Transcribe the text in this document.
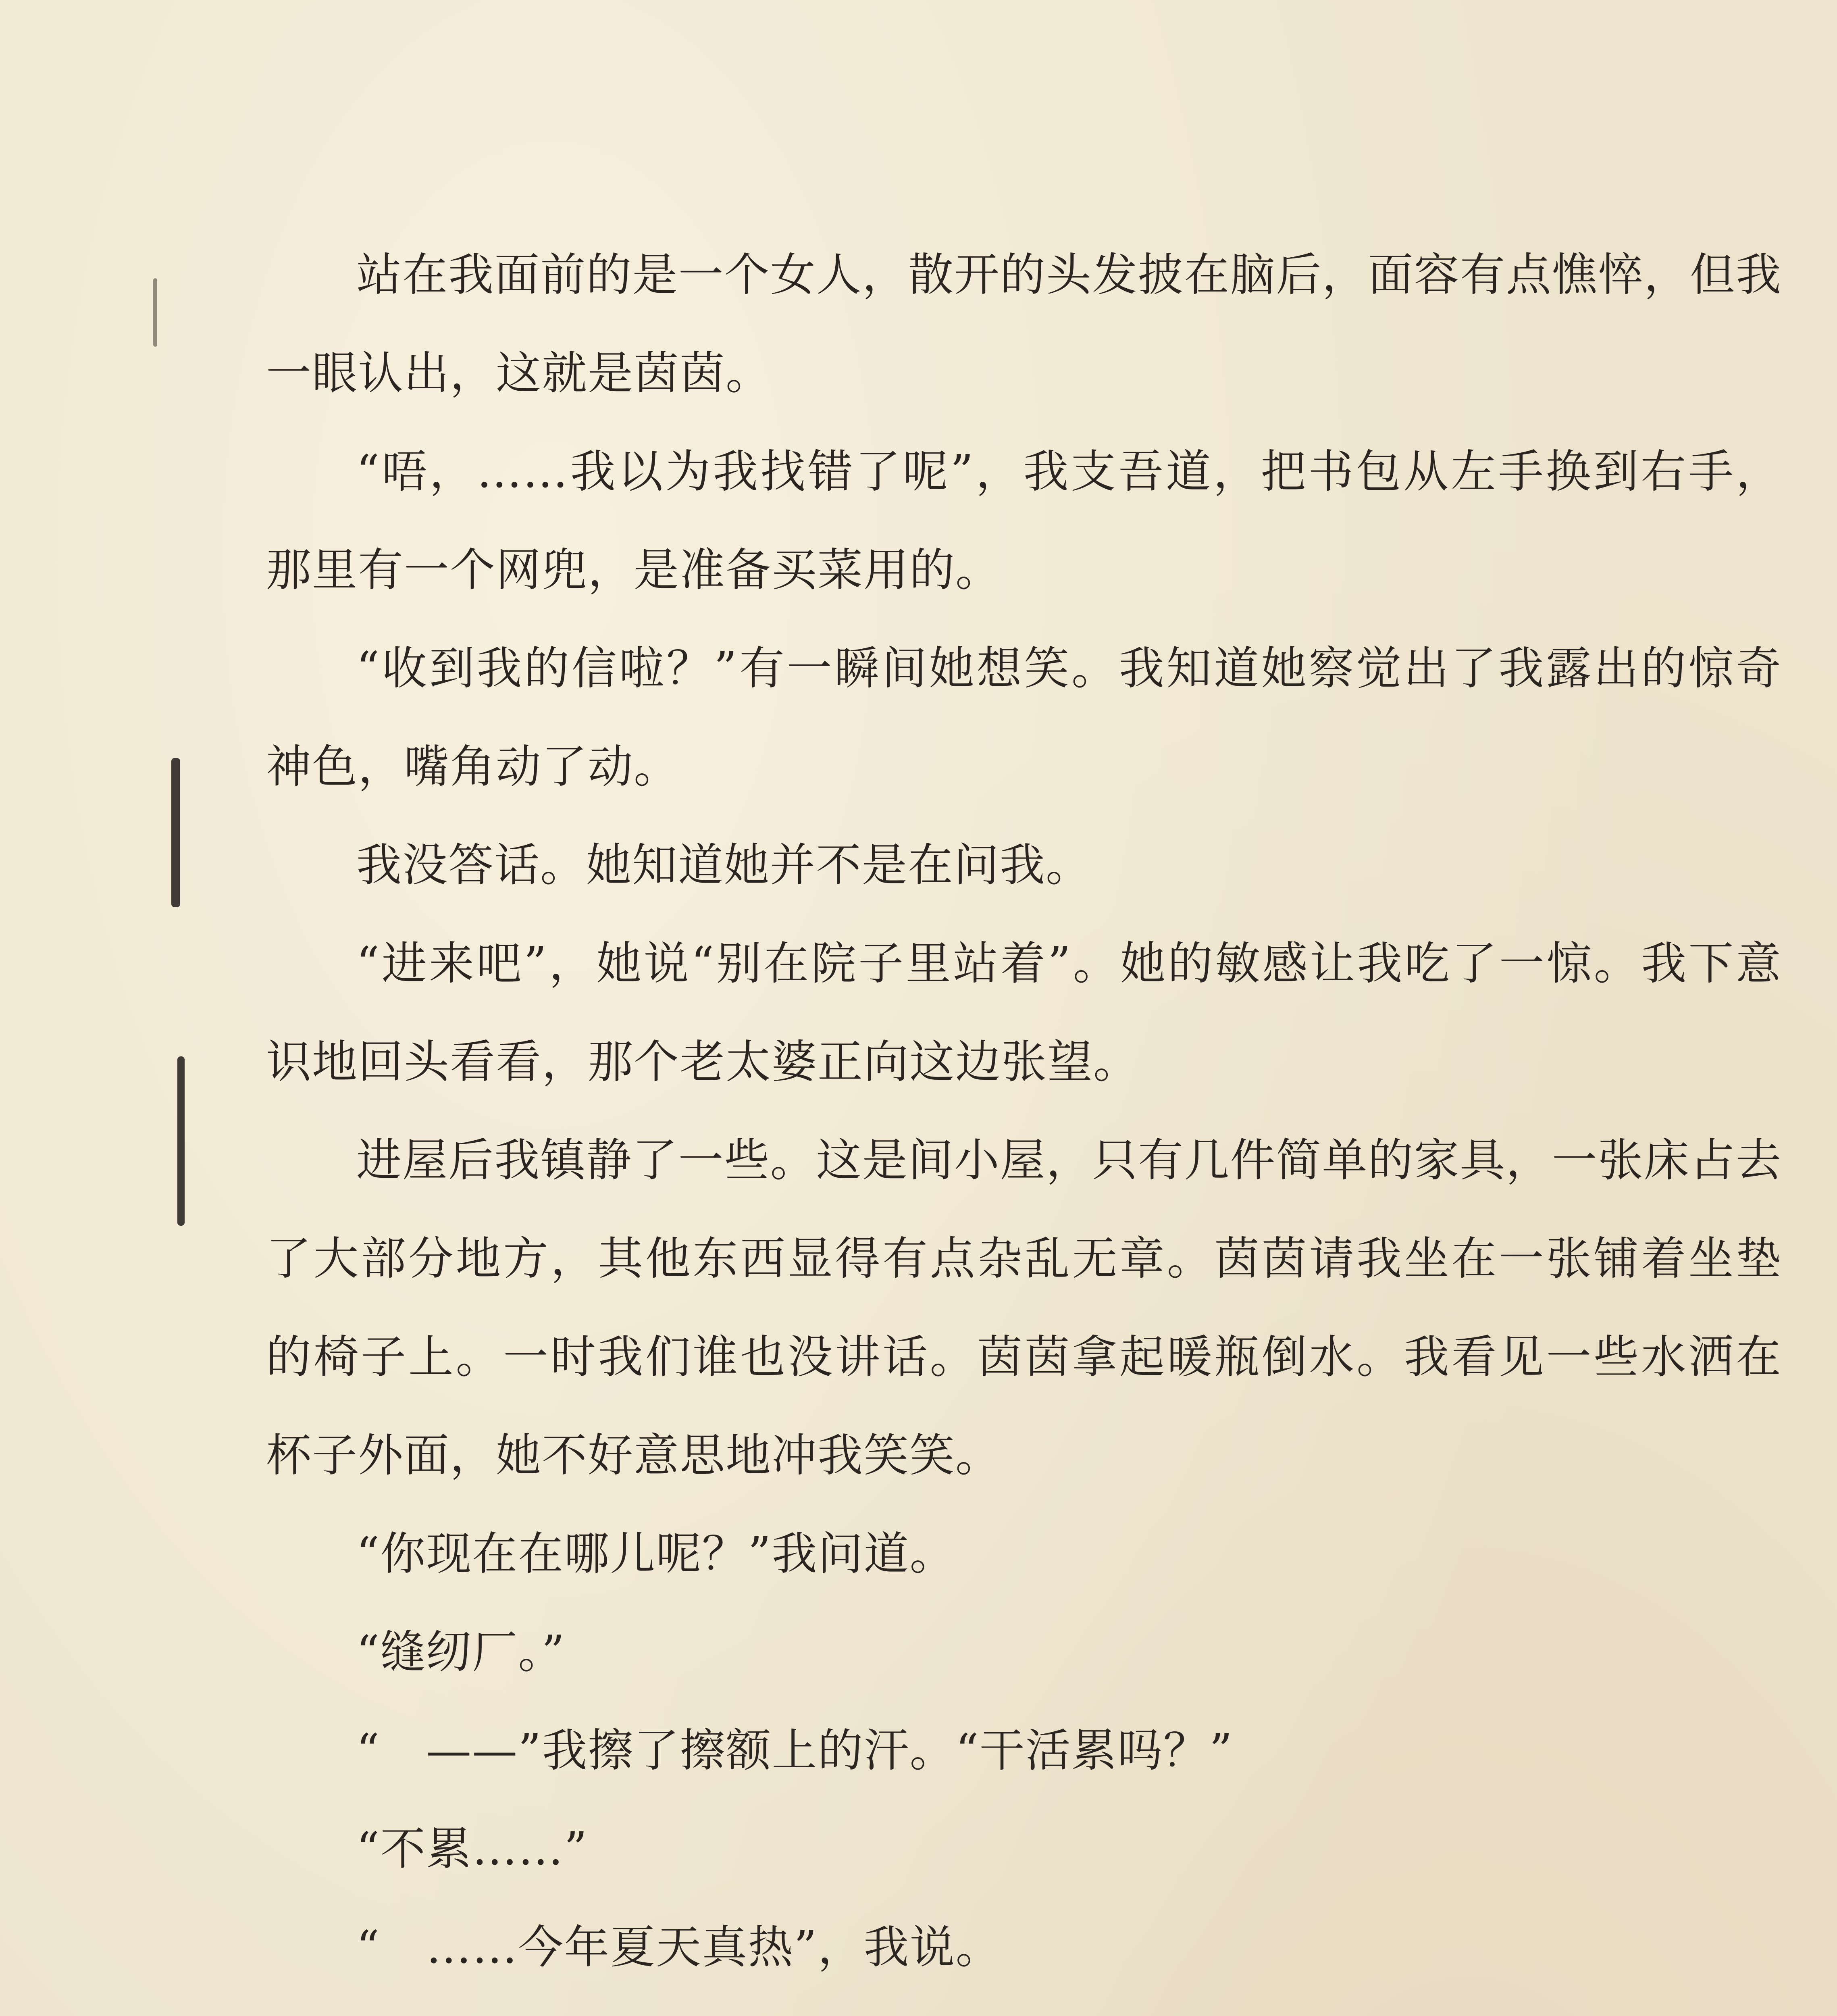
站在我面前的是一个女人，散开的头发披在脑后，面容有点憔悴，但我一眼认出，这就是茵茵。

“唔，……我以为我找错了呢”，我支吾道，把书包从左手换到右手，那里有一个网兜，是准备买菜用的。

“收到我的信啦？”有一瞬间她想笑。我知道她察觉出了我露出的惊奇神色，嘴角动了动。

我没答话。她知道她并不是在问我。

“进来吧”，她说“别在院子里站着”。她的敏感让我吃了一惊。我下意识地回头看看，那个老太婆正向这边张望。

进屋后我镇静了一些。这是间小屋，只有几件简单的家具，一张床占去了大部分地方，其他东西显得有点杂乱无章。茵茵请我坐在一张铺着坐垫的椅子上。一时我们谁也没讲话。茵茵拿起暖瓶倒水。我看见一些水洒在杯子外面，她不好意思地冲我笑笑。

“你现在在哪儿呢？”我问道。

“缝纫厂。”

“　——”我擦了擦额上的汗。“干活累吗？”

“不累……”

“　……今年夏天真热”，我说。
